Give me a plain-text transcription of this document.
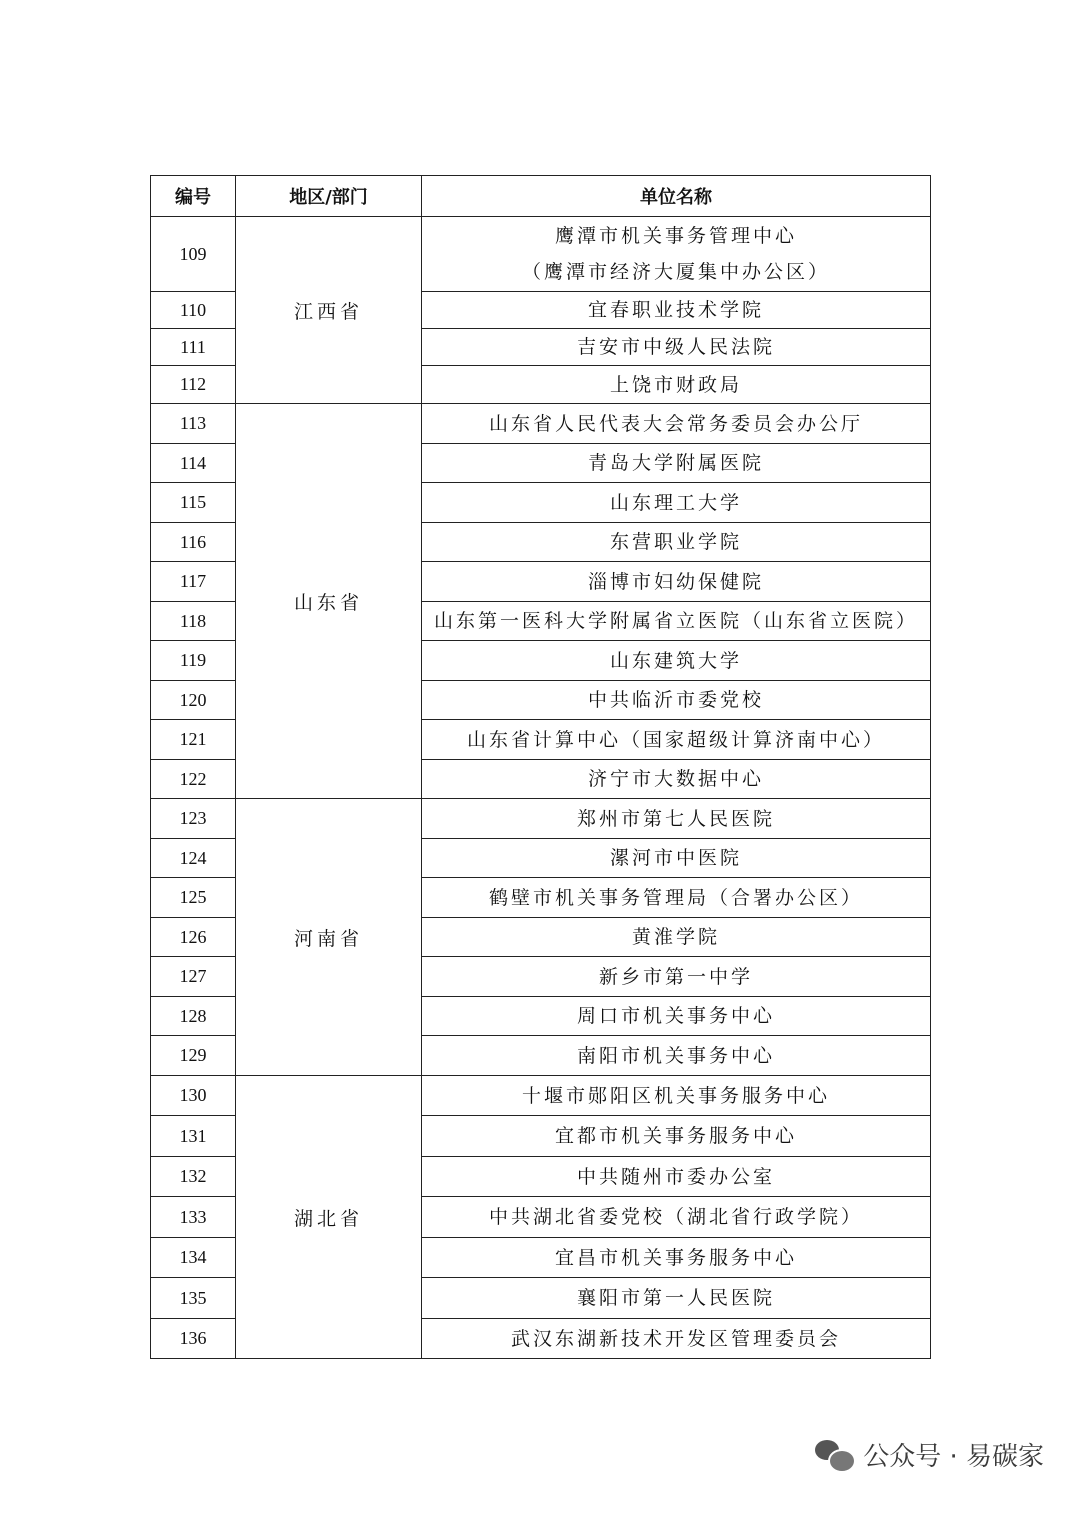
编号	地区/部门	单位名称
109	江西省	鹰潭市机关事务管理中心
（鹰潭市经济大厦集中办公区）

110		宜春职业技术学院

111		吉安市中级人民法院

112		上饶市财政局

113	山东省	山东省人民代表大会常务委员会办公厅

114		青岛大学附属医院

115		山东理工大学

116		东营职业学院

117		淄博市妇幼保健院

118		山东第一医科大学附属省立医院（山东省立医院）

119		山东建筑大学

120		中共临沂市委党校

121		山东省计算中心（国家超级计算济南中心）

122		济宁市大数据中心

123	河南省	郑州市第七人民医院

124		漯河市中医院

125		鹤壁市机关事务管理局（合署办公区）

126		黄淮学院

127		新乡市第一中学

128		周口市机关事务中心

129		南阳市机关事务中心

130	湖北省	十堰市郧阳区机关事务服务中心

131		宜都市机关事务服务中心

132		中共随州市委办公室

133		中共湖北省委党校（湖北省行政学院）

134		宜昌市机关事务服务中心

135		襄阳市第一人民医院

136		武汉东湖新技术开发区管理委员会
公众号 · 易碳家
